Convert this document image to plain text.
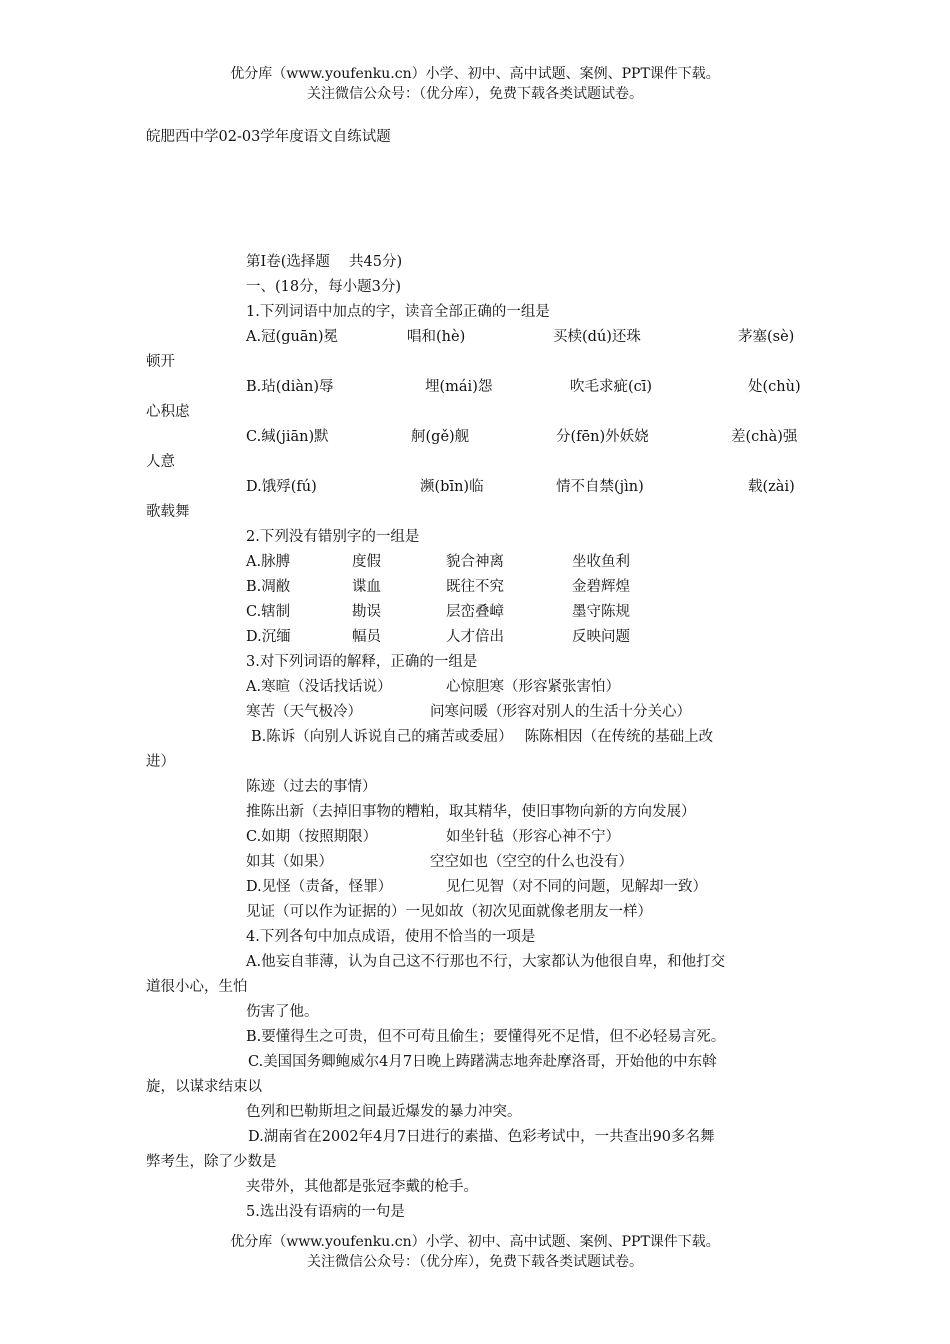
优分库（www.youfenku.cn）小学、初中、高中试题、案例、PPT课件下载。
关注微信公众号：（优分库），免费下载各类试题试卷。
皖肥西中学02-03学年度语文自练试题
第Ⅰ卷(选择题　 共45分)
一、(18分，每小题3分)
1.下列词语中加点的字，读音全部正确的一组是
A.冠(guān)冕	唱和(hè)	买椟(dú)还珠	茅塞(sè)
顿开
B.玷(diàn)辱	埋(mái)怨	吹毛求疵(cī)	处(chù)
心积虑
C.缄(jiān)默	舸(gě)舰	分(fēn)外妖娆	差(chà)强
人意
D.饿殍(fú)	濒(bīn)临	情不自禁(jìn)	载(zài)
歌载舞
2.下列没有错别字的一组是
A.脉膊	度假	貌合神离	坐收鱼利
B.凋敝	谍血	既往不究	金碧辉煌
C.辖制	勘误	层峦叠嶂	墨守陈规
D.沉缅	幅员	人才倍出	反映问题
3.对下列词语的解释，正确的一组是
A.寒暄（没话找话说）	心惊胆寒（形容紧张害怕）
寒苦（天气极冷）	问寒问暖（形容对别人的生活十分关心）
B.陈诉（向别人诉说自己的痛苦或委屈）　 陈陈相因（在传统的基础上改
进）
陈迹（过去的事情）
推陈出新（去掉旧事物的糟粕，取其精华，使旧事物向新的方向发展）
C.如期（按照期限）	如坐针毡（形容心神不宁）
如其（如果）	空空如也（空空的什么也没有）
D.见怪（责备，怪罪）	见仁见智（对不同的问题，见解却一致）
见证（可以作为证据的）一见如故（初次见面就像老朋友一样）
4.下列各句中加点成语，使用不恰当的一项是
A.他妄自菲薄，认为自己这不行那也不行，大家都认为他很自卑，和他打交
道很小心，生怕
伤害了他。
B.要懂得生之可贵，但不可苟且偷生；要懂得死不足惜，但不必轻易言死。
C.美国国务卿鲍威尔4月7日晚上踌躇满志地奔赴摩洛哥，开始他的中东斡
旋，以谋求结束以
色列和巴勒斯坦之间最近爆发的暴力冲突。
D.湖南省在2002年4月7日进行的素描、色彩考试中，一共查出90多名舞
弊考生，除了少数是
夹带外，其他都是张冠李戴的枪手。
5.选出没有语病的一句是
优分库（www.youfenku.cn）小学、初中、高中试题、案例、PPT课件下载。
关注微信公众号：（优分库），免费下载各类试题试卷。
